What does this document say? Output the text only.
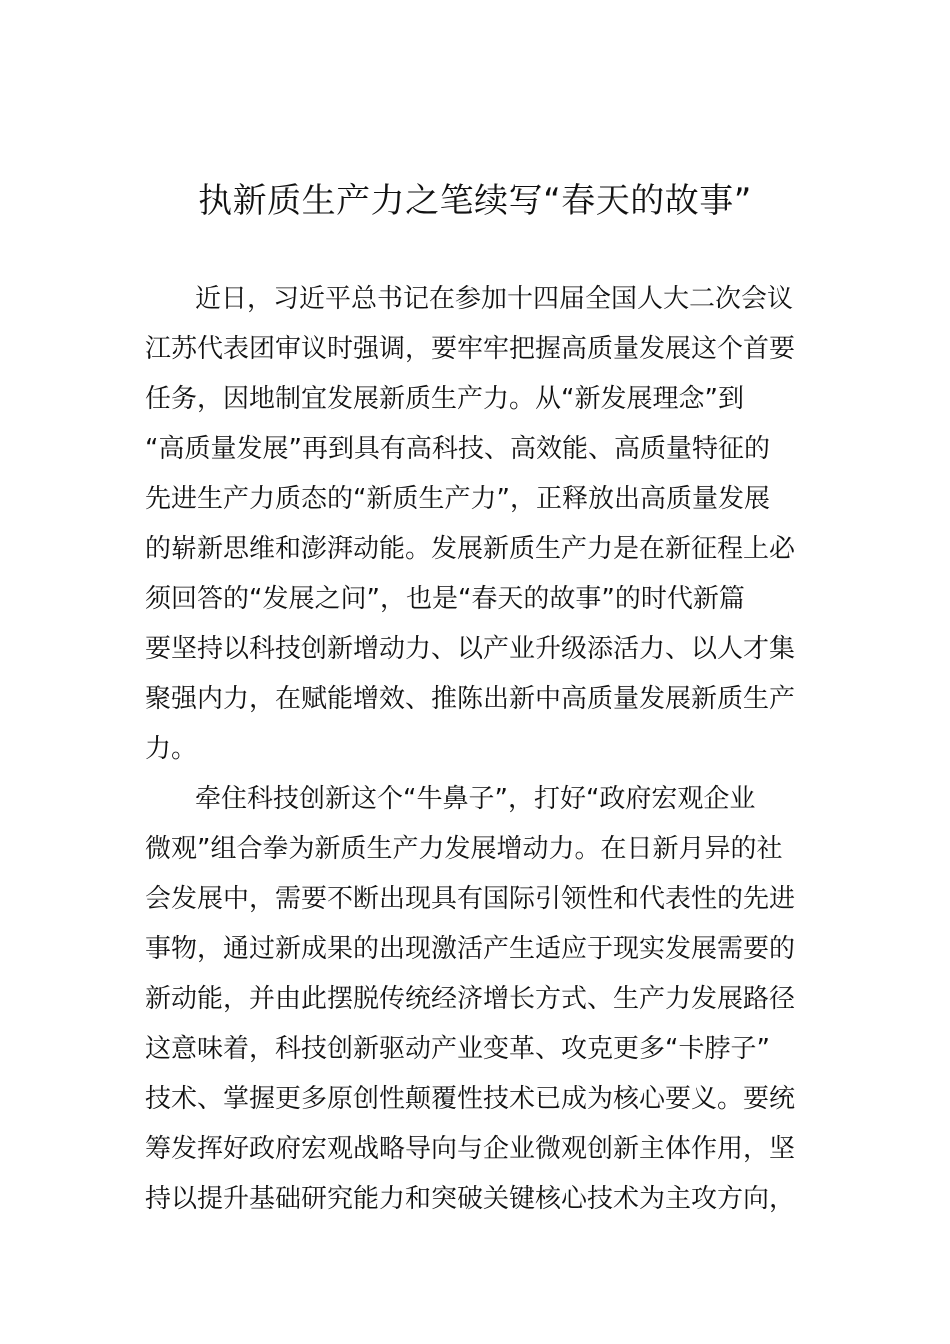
执新质生产力之笔续写“春天的故事”

近日，习近平总书记在参加十四届全国人大二次会议

江苏代表团审议时强调，要牢牢把握高质量发展这个首要

任务，因地制宜发展新质生产力。从“新发展理念”到

“高质量发展”再到具有高科技、高效能、高质量特征的

先进生产力质态的“新质生产力”，正释放出高质量发展

的崭新思维和澎湃动能。发展新质生产力是在新征程上必

须回答的“发展之问”，也是“春天的故事”的时代新篇

要坚持以科技创新增动力、以产业升级添活力、以人才集

聚强内力，在赋能增效、推陈出新中高质量发展新质生产

力。

牵住科技创新这个“牛鼻子”，打好“政府宏观企业

微观”组合拳为新质生产力发展增动力。在日新月异的社

会发展中，需要不断出现具有国际引领性和代表性的先进

事物，通过新成果的出现激活产生适应于现实发展需要的

新动能，并由此摆脱传统经济增长方式、生产力发展路径

这意味着，科技创新驱动产业变革、攻克更多“卡脖子”

技术、掌握更多原创性颠覆性技术已成为核心要义。要统

筹发挥好政府宏观战略导向与企业微观创新主体作用，坚

持以提升基础研究能力和突破关键核心技术为主攻方向，
